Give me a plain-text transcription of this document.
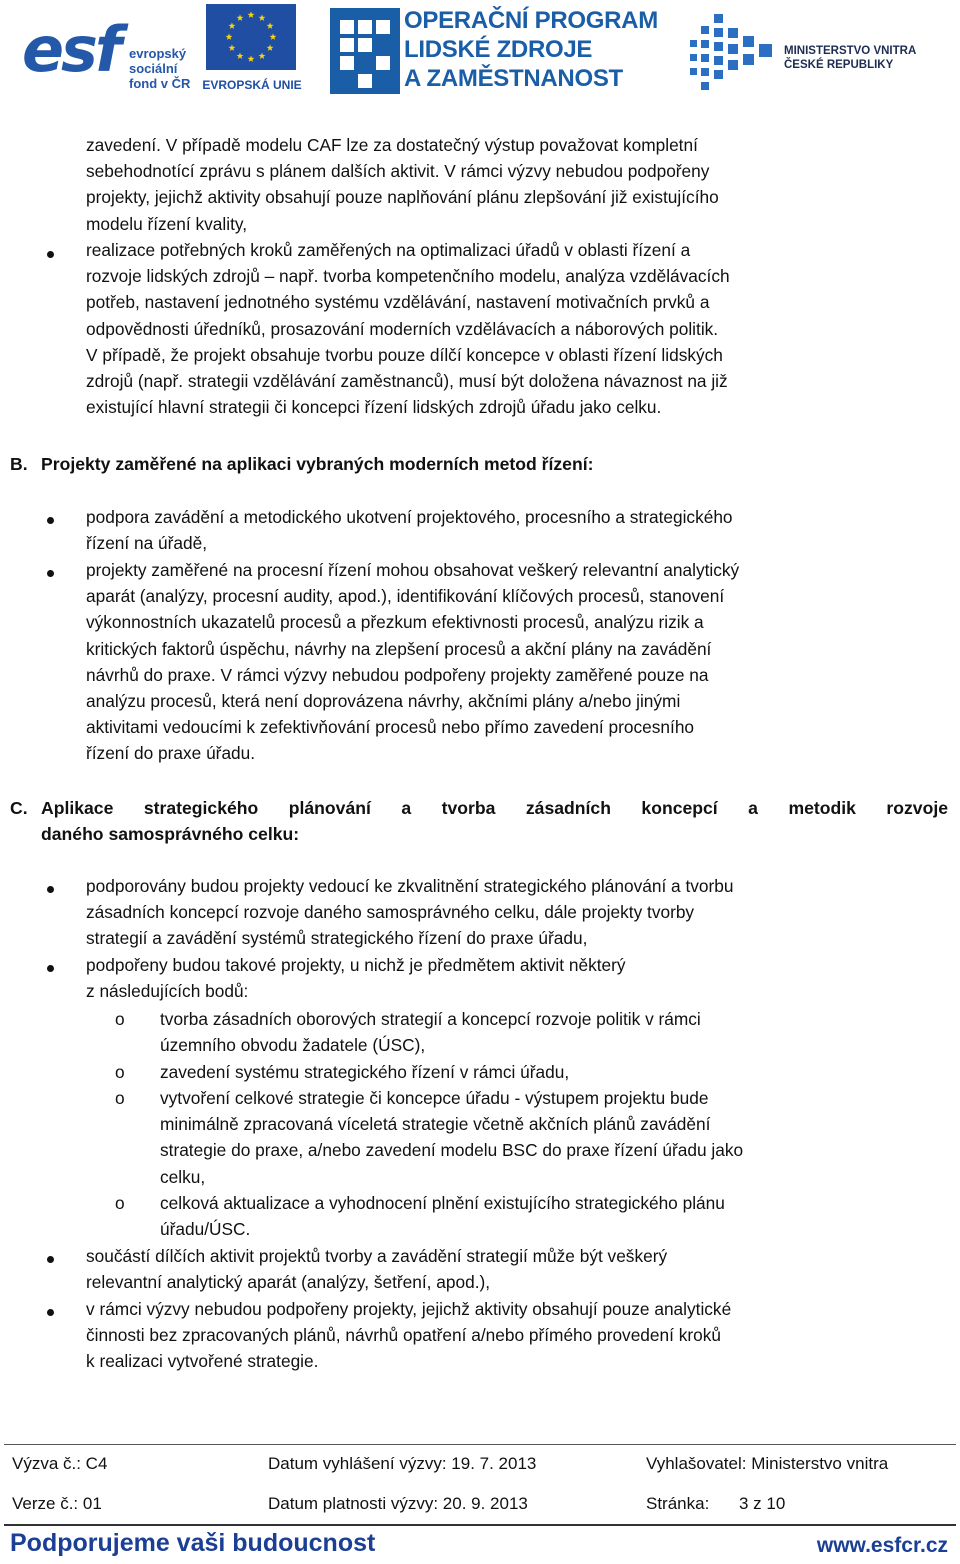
esf evropský
sociální
fond v ČR EVROPSKÁ UNIE
OPERAČNÍ PROGRAM
LIDSKÉ ZDROJE
A ZAMĚSTNANOST
MINISTERSTVO VNITRA
ČESKÉ REPUBLIKY

zavedení. V případě modelu CAF lze za dostatečný výstup považovat kompletní

sebehodnotící zprávu s plánem dalších aktivit. V rámci výzvy nebudou podpořeny

projekty, jejichž aktivity obsahují pouze naplňování plánu zlepšování již existujícího

modelu řízení kvality,

realizace potřebných kroků zaměřených na optimalizaci úřadů v oblasti řízení a

rozvoje lidských zdrojů – např. tvorba kompetenčního modelu, analýza vzdělávacích

potřeb, nastavení jednotného systému vzdělávání, nastavení motivačních prvků a

odpovědnosti úředníků, prosazování moderních vzdělávacích a náborových politik.

V případě, že projekt obsahuje tvorbu pouze dílčí koncepce v oblasti řízení lidských

zdrojů (např. strategii vzdělávání zaměstnanců), musí být doložena návaznost na již

existující hlavní strategii či koncepci řízení lidských zdrojů úřadu jako celku.

B. Projekty zaměřené na aplikaci vybraných moderních metod řízení:

podpora zavádění a metodického ukotvení projektového, procesního a strategického

řízení na úřadě,

projekty zaměřené na procesní řízení mohou obsahovat veškerý relevantní analytický

aparát (analýzy, procesní audity, apod.), identifikování klíčových procesů, stanovení

výkonnostních ukazatelů procesů a přezkum efektivnosti procesů, analýzu rizik a

kritických faktorů úspěchu, návrhy na zlepšení procesů a akční plány na zavádění

návrhů do praxe. V rámci výzvy nebudou podpořeny projekty zaměřené pouze na

analýzu procesů, která není doprovázena návrhy, akčními plány a/nebo jinými

aktivitami vedoucími k zefektivňování procesů nebo přímo zavedení procesního

řízení do praxe úřadu.

C. Aplikace strategického plánování a tvorba zásadních koncepcí a metodik rozvoje
daného samosprávného celku:

podporovány budou projekty vedoucí ke zkvalitnění strategického plánování a tvorbu

zásadních koncepcí rozvoje daného samosprávného celku, dále projekty tvorby

strategií a zavádění systémů strategického řízení do praxe úřadu,

podpořeny budou takové projekty, u nichž je předmětem aktivit některý

z následujících bodů:

o tvorba zásadních oborových strategií a koncepcí rozvoje politik v rámci

územního obvodu žadatele (ÚSC),

o zavedení systému strategického řízení v rámci úřadu,

o vytvoření celkové strategie či koncepce úřadu - výstupem projektu bude

minimálně zpracovaná víceletá strategie včetně akčních plánů zavádění

strategie do praxe, a/nebo zavedení modelu BSC do praxe řízení úřadu jako

celku,

o celková aktualizace a vyhodnocení plnění existujícího strategického plánu

úřadu/ÚSC.

součástí dílčích aktivit projektů tvorby a zavádění strategií může být veškerý

relevantní analytický aparát (analýzy, šetření, apod.),

v rámci výzvy nebudou podpořeny projekty, jejichž aktivity obsahují pouze analytické

činnosti bez zpracovaných plánů, návrhů opatření a/nebo přímého provedení kroků

k realizaci vytvořené strategie.

Výzva č.: C4	Datum vyhlášení výzvy: 19. 7. 2013	Vyhlašovatel: Ministerstvo vnitra
Verze č.: 01	Datum platnosti výzvy: 20. 9. 2013	Stránka: 3 z 10
Podporujeme vaši budoucnost	www.esfcr.cz
